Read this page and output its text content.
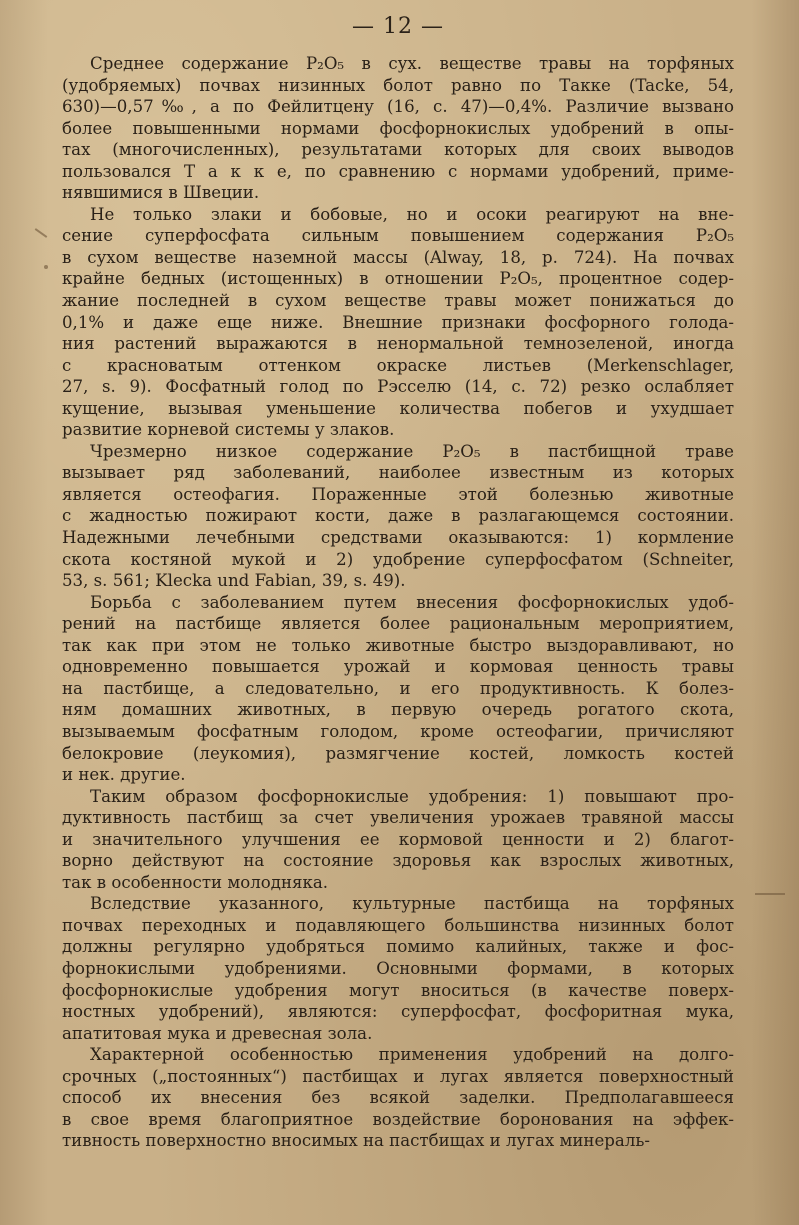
— 12 —
Среднее содержание P₂O₅ в сух. веществе травы на торфяных
(удобряемых) почвах низинных болот равно по Такке (Tacke, 54,
630)—0,57‰, а по Фейлитцену (16, с. 47)—0,4%. Различие вызвано
более повышенными нормами фосфорнокислых удобрений в опы-
тах (многочисленных), результатами которых для своих выводов
пользовался Т а к к е, по сравнению с нормами удобрений, приме-
нявшимися в Швеции.
Не только злаки и бобовые, но и осоки реагируют на вне-
сение суперфосфата сильным повышением содержания P₂O₅
в сухом веществе наземной массы (Alway, 18, p. 724). На почвах
крайне бедных (истощенных) в отношении P₂O₅, процентное содер-
жание последней в сухом веществе травы может понижаться до
0,1% и даже еще ниже. Внешние признаки фосфорного голода-
ния растений выражаются в ненормальной темнозеленой, иногда
с красноватым оттенком окраске листьев (Merkenschlager,
27, s. 9). Фосфатный голод по Рэсселю (14, с. 72) резко ослабляет
кущение, вызывая уменьшение количества побегов и ухудшает
развитие корневой системы у злаков.
Чрезмерно низкое содержание P₂O₅ в пастбищной траве
вызывает ряд заболеваний, наиболее известным из которых
является остеофагия. Пораженные этой болезнью животные
с жадностью пожирают кости, даже в разлагающемся состоянии.
Надежными лечебными средствами оказываются: 1) кормление
скота костяной мукой и 2) удобрение суперфосфатом (Schneiter,
53, s. 561; Klecka und Fabian, 39, s. 49).
Борьба с заболеванием путем внесения фосфорнокислых удоб-
рений на пастбище является более рациональным мероприятием,
так как при этом не только животные быстро выздоравливают, но
одновременно повышается урожай и кормовая ценность травы
на пастбище, а следовательно, и его продуктивность. К болез-
ням домашних животных, в первую очередь рогатого скота,
вызываемым фосфатным голодом, кроме остеофагии, причисляют
белокровие (леукомия), размягчение костей, ломкость костей
и нек. другие.
Таким образом фосфорнокислые удобрения: 1) повышают про-
дуктивность пастбищ за счет увеличения урожаев травяной массы
и значительного улучшения ее кормовой ценности и 2) благот-
ворно действуют на состояние здоровья как взрослых животных,
так в особенности молодняка.
Вследствие указанного, культурные пастбища на торфяных
почвах переходных и подавляющего большинства низинных болот
должны регулярно удобряться помимо калийных, также и фос-
форнокислыми удобрениями. Основными формами, в которых
фосфорнокислые удобрения могут вноситься (в качестве поверх-
ностных удобрений), являются: суперфосфат, фосфоритная мука,
апатитовая мука и древесная зола.
Характерной особенностью применения удобрений на долго-
срочных („постоянных“) пастбищах и лугах является поверхностный
способ их внесения без всякой заделки. Предполагавшееся
в свое время благоприятное воздействие боронования на эффек-
тивность поверхностно вносимых на пастбищах и лугах минераль-
